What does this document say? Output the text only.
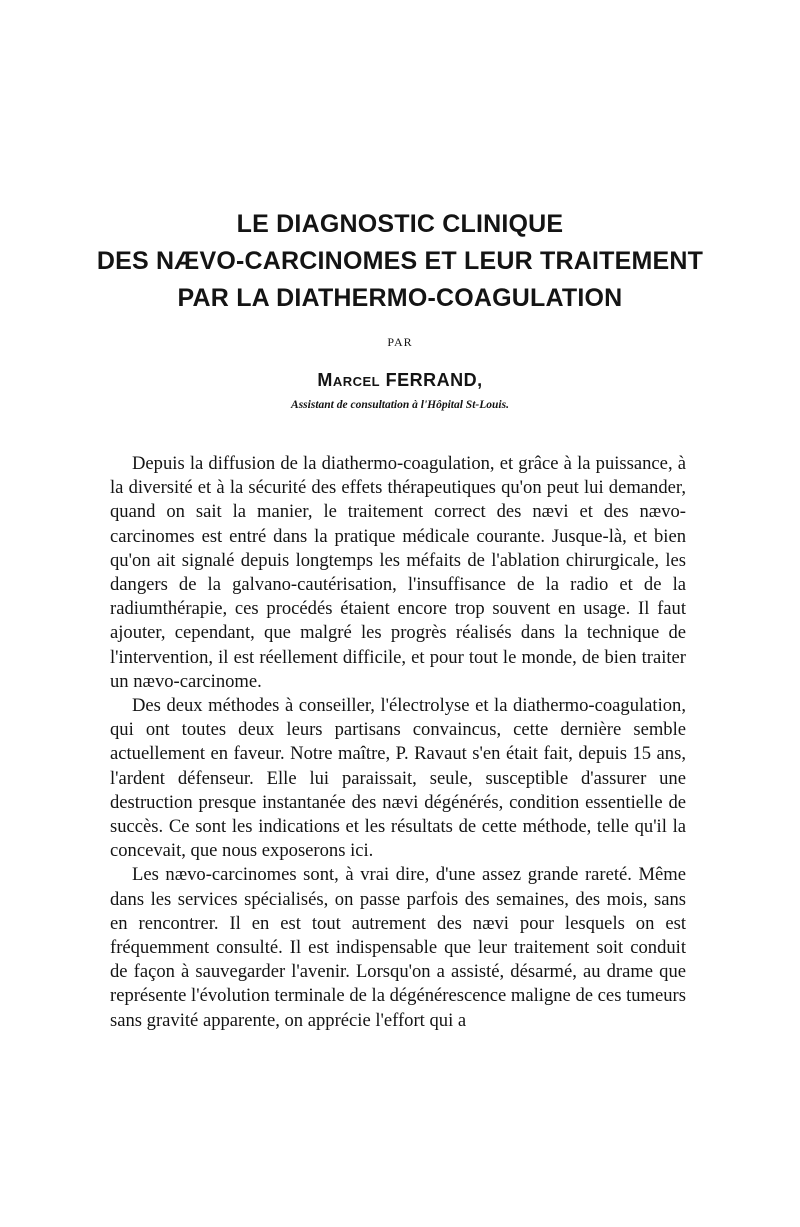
LE DIAGNOSTIC CLINIQUE
DES NÆVO-CARCINOMES ET LEUR TRAITEMENT
PAR LA DIATHERMO-COAGULATION
PAR
Marcel FERRAND,
Assistant de consultation à l'Hôpital St-Louis.

Depuis la diffusion de la diathermo-coagulation, et grâce à la puissance, à la diversité et à la sécurité des effets thérapeutiques qu'on peut lui demander, quand on sait la manier, le traitement correct des nævi et des nævo-carcinomes est entré dans la pratique médicale courante. Jusque-là, et bien qu'on ait signalé depuis longtemps les méfaits de l'ablation chirurgicale, les dangers de la galvano-cautérisation, l'insuffisance de la radio et de la radiumthérapie, ces procédés étaient encore trop souvent en usage. Il faut ajouter, cependant, que malgré les progrès réalisés dans la technique de l'intervention, il est réellement difficile, et pour tout le monde, de bien traiter un nævo-carcinome.

Des deux méthodes à conseiller, l'électrolyse et la diathermo-coagulation, qui ont toutes deux leurs partisans convaincus, cette dernière semble actuellement en faveur. Notre maître, P. Ravaut s'en était fait, depuis 15 ans, l'ardent défenseur. Elle lui paraissait, seule, susceptible d'assurer une destruction presque instantanée des nævi dégénérés, condition essentielle de succès. Ce sont les indications et les résultats de cette méthode, telle qu'il la concevait, que nous exposerons ici.

Les nævo-carcinomes sont, à vrai dire, d'une assez grande rareté. Même dans les services spécialisés, on passe parfois des semaines, des mois, sans en rencontrer. Il en est tout autrement des nævi pour lesquels on est fréquemment consulté. Il est indispensable que leur traitement soit conduit de façon à sauvegarder l'avenir. Lorsqu'on a assisté, désarmé, au drame que représente l'évolution terminale de la dégénérescence maligne de ces tumeurs sans gravité apparente, on apprécie l'effort qui a
